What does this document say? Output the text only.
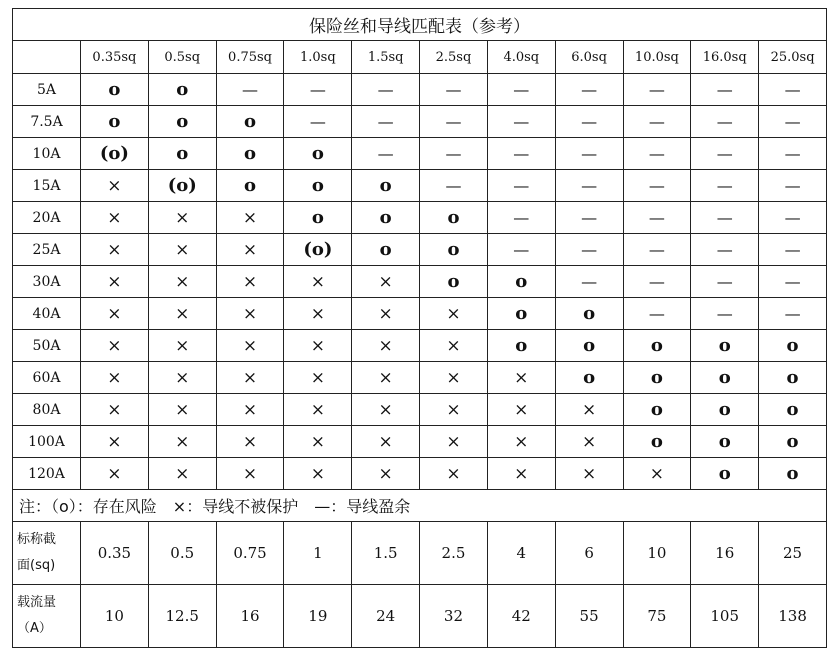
保险丝和导线匹配表（参考）											
	0.35sq	0.5sq	0.75sq	1.0sq	1.5sq	2.5sq	4.0sq	6.0sq	10.0sq	16.0sq	25.0sq
5A	o	o	—	—	—	—	—	—	—	—	—
7.5A	o	o	o	—	—	—	—	—	—	—	—
10A	(o)	o	o	o	—	—	—	—	—	—	—
15A	×	(o)	o	o	o	—	—	—	—	—	—
20A	×	×	×	o	o	o	—	—	—	—	—
25A	×	×	×	(o)	o	o	—	—	—	—	—
30A	×	×	×	×	×	o	o	—	—	—	—
40A	×	×	×	×	×	×	o	o	—	—	—
50A	×	×	×	×	×	×	o	o	o	o	o
60A	×	×	×	×	×	×	×	o	o	o	o
80A	×	×	×	×	×	×	×	×	o	o	o
100A	×	×	×	×	×	×	×	×	o	o	o
120A	×	×	×	×	×	×	×	×	×	o	o
注：（o）：存在风险　×：导线不被保护　—：导线盈余											
标称截
面(sq)	0.35	0.5	0.75	1	1.5	2.5	4	6	10	16	25
载流量
（A）	10	12.5	16	19	24	32	42	55	75	105	138
